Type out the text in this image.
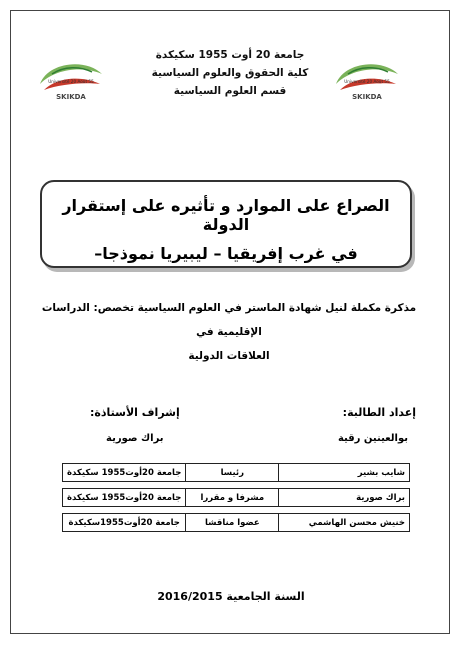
Université 20 Août 55
SKIKDA
Université 20 Août 55
SKIKDA
جامعة 20 أوت 1955 سكيكدة
كلية الحقوق والعلوم السياسية
قسم العلوم السياسية
الصراع على الموارد و تأثيره على إستقرار الدولة
في غرب إفريقيا – ليبيريا نموذجا–
مذكرة مكملة لنيل شهادة الماستر في العلوم السياسية تخصص: الدراسات الإقليمية في
العلاقات الدولية
إعداد الطالبة:
بوالعينين رقية
إشراف الأستاذة:
براك صورية
شايب بشير	رئيسا	جامعة 20أوت1955 سكيكدة

براك صورية	مشرفا و مقررا	جامعة 20أوت1955 سكيكدة

خنيش محسن الهاشمي	عضوا مناقشا	جامعة 20أوت1955سكيكدة
السنة الجامعية 2016/2015
